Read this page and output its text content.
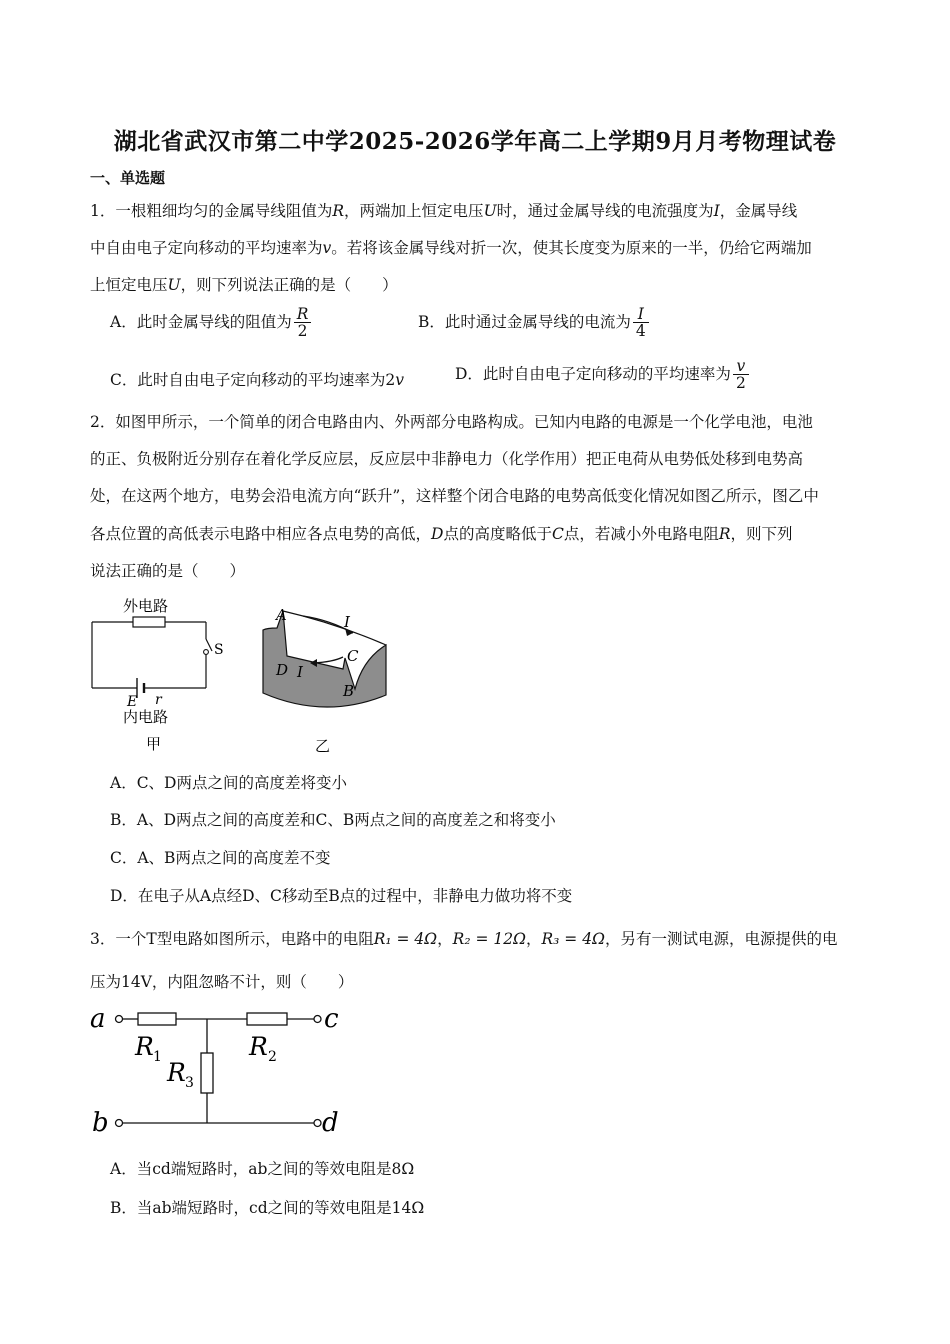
湖北省武汉市第二中学2025-2026学年高二上学期9月月考物理试卷
一、单选题
1．一根粗细均匀的金属导线阻值为R，两端加上恒定电压U时，通过金属导线的电流强度为I，金属导线
中自由电子定向移动的平均速率为v。若将该金属导线对折一次，使其长度变为原来的一半，仍给它两端加
上恒定电压U，则下列说法正确的是（　　）
A．此时金属导线的阻值为 $\frac{R}{2}$	B．此时通过金属导线的电流为 $\frac{I}{4}$
C．此时自由电子定向移动的平均速率为2v	D．此时自由电子定向移动的平均速率为 $\frac{v}{2}$
2．如图甲所示，一个简单的闭合电路由内、外两部分电路构成。已知内电路的电源是一个化学电池，电池
的正、负极附近分别存在着化学反应层，反应层中非静电力（化学作用）把正电荷从电势低处移到电势高
处，在这两个地方，电势会沿电流方向“跃升”，这样整个闭合电路的电势高低变化情况如图乙所示，图乙中
各点位置的高低表示电路中相应各点电势的高低，D点的高度略低于C点，若减小外电路电阻R，则下列
说法正确的是（　　）
外电路
S
E r
内电路
甲
A	I
C
D I
B
乙
A．C、D两点之间的高度差将变小
B．A、D两点之间的高度差和C、B两点之间的高度差之和将变小
C．A、B两点之间的高度差不变
D．在电子从A点经D、C移动至B点的过程中，非静电力做功将不变
3．一个T型电路如图所示，电路中的电阻R₁ = 4Ω，R₂ = 12Ω，R₃ = 4Ω，另有一测试电源，电源提供的电
压为14V，内阻忽略不计，则（　　）
a	c
b	d
R 1	R 2
R 3
A．当cd端短路时，ab之间的等效电阻是8Ω
B．当ab端短路时，cd之间的等效电阻是14Ω
